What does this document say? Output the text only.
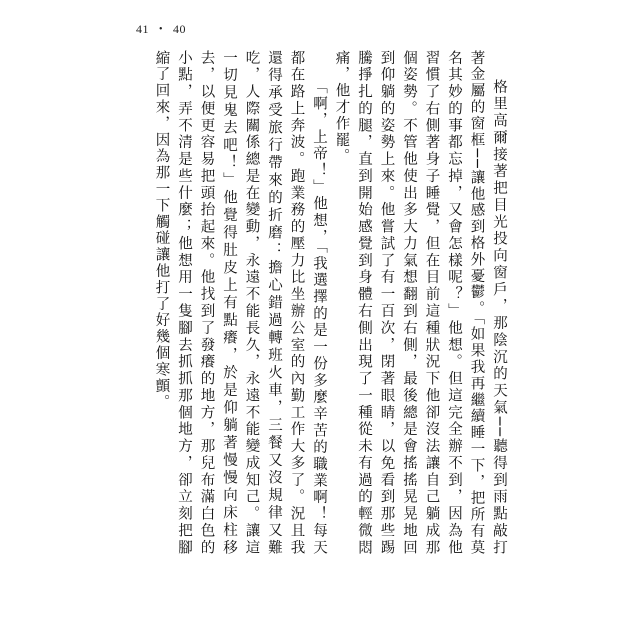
41 • 40

格里高爾接著把目光投向窗戶，那陰沉的天氣──聽得到雨點敲打著金屬的窗框──讓他感到格外憂鬱。「如果我再繼續睡一下，把所有莫名其妙的事都忘掉，又會怎樣呢？」他想。但這完全辦不到，因為他習慣了右側著身子睡覺，但在目前這種狀況下他卻沒法讓自己躺成那個姿勢。不管他使出多大力氣想翻到右側，最後總是會搖搖晃晃地回到仰躺的姿勢上來。他嘗試了有一百次，閉著眼睛，以免看到那些踢騰掙扎的腿，直到開始感覺到身體右側出現了一種從未有過的輕微悶痛，他才作罷。

「啊，上帝！」他想，「我選擇的是一份多麼辛苦的職業啊！每天都在路上奔波。跑業務的壓力比坐辦公室的內勤工作大多了。況且我還得承受旅行帶來的折磨：擔心錯過轉班火車，三餐又沒規律又難吃，人際關係總是在變動，永遠不能長久，永遠不能變成知己。讓這一切見鬼去吧！」他覺得肚皮上有點癢，於是仰躺著慢慢向床柱移去，以便更容易把頭抬起來。他找到了發癢的地方，那兒布滿白色的小點，弄不清是些什麼；他想用一隻腳去抓抓那個地方，卻立刻把腳縮了回來，因為那一下觸碰讓他打了好幾個寒顫。
